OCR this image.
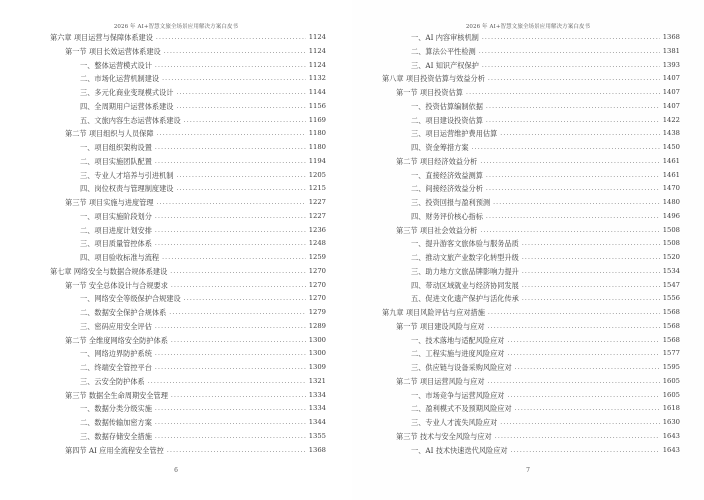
2026 年 AI+智慧文旅全场景应用解决方案白皮书
第六章 项目运营与保障体系建设 .....	1124
第一节 项目长效运营体系建设 .....	1124
一、整体运营模式设计 .....	1124
二、市场化运营机制建设 .....	1132
三、多元化商业变现模式设计 .....	1144
四、全周期用户运营体系建设 .....	1156
五、文旅内容生态运营体系建设 .....	1169
第二节 项目组织与人员保障 .....	1180
一、项目组织架构设置 .....	1180
二、项目实施团队配置 .....	1194
三、专业人才培养与引进机制 .....	1205
四、岗位权责与管理制度建设 .....	1215
第三节 项目实施与进度管理 .....	1227
一、项目实施阶段划分 .....	1227
二、项目进度计划安排 .....	1236
三、项目质量管控体系 .....	1248
四、项目验收标准与流程 .....	1259
第七章 网络安全与数据合规体系建设 .....	1270
第一节 安全总体设计与合规要求 .....	1270
一、网络安全等级保护合规建设 .....	1270
二、数据安全保护合规体系 .....	1279
三、密码应用安全评估 .....	1289
第二节 全维度网络安全防护体系 .....	1300
一、网络边界防护系统 .....	1300
二、终端安全管控平台 .....	1309
三、云安全防护体系 .....	1321
第三节 数据全生命周期安全管理 .....	1334
一、数据分类分级实施 .....	1334
二、数据传输加密方案 .....	1344
三、数据存储安全措施 .....	1355
第四节 AI 应用全流程安全管控 .....	1368
6
2026 年 AI+智慧文旅全场景应用解决方案白皮书
一、AI 内容审核机制 .....	1368
二、算法公平性检测 .....	1381
三、AI 知识产权保护 .....	1393
第八章 项目投资估算与效益分析 .....	1407
第一节 项目投资估算 .....	1407
一、投资估算编制依据 .....	1407
二、项目建设投资估算 .....	1422
三、项目运营维护费用估算 .....	1438
四、资金筹措方案 .....	1450
第二节 项目经济效益分析 .....	1461
一、直接经济效益测算 .....	1461
二、间接经济效益分析 .....	1470
三、投资回报与盈利预测 .....	1480
四、财务评价核心指标 .....	1496
第三节 项目社会效益分析 .....	1508
一、提升游客文旅体验与服务品质 .....	1508
二、推动文旅产业数字化转型升级 .....	1520
三、助力地方文旅品牌影响力提升 .....	1534
四、带动区域就业与经济协同发展 .....	1547
五、促进文化遗产保护与活化传承 .....	1556
第九章 项目风险评估与应对措施 .....	1568
第一节 项目建设风险与应对 .....	1568
一、技术落地与适配风险应对 .....	1568
二、工程实施与进度风险应对 .....	1577
三、供应链与设备采购风险应对 .....	1595
第二节 项目运营风险与应对 .....	1605
一、市场竞争与运营风险应对 .....	1605
二、盈利模式不及预期风险应对 .....	1618
三、专业人才流失风险应对 .....	1630
第三节 技术与安全风险与应对 .....	1643
一、AI 技术快速迭代风险应对 .....	1643
7
